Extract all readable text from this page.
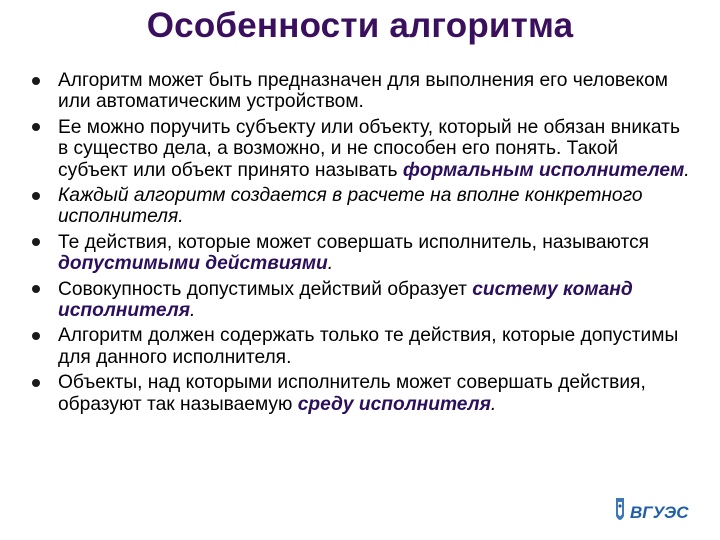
Особенности алгоритма
Алгоритм может быть предназначен для выполнения его человеком или автоматическим устройством.
Ее можно поручить субъекту или объекту, который не обязан вникать в существо дела, а возможно, и не способен его понять. Такой субъект или объект принято называть формальным исполнителем.
Каждый алгоритм создается в расчете на вполне конкретного исполнителя.
Те действия, которые может совершать исполнитель, называются допустимыми действиями.
Совокупность допустимых действий образует систему команд исполнителя.
Алгоритм должен содержать только те действия, которые допустимы для данного исполнителя.
Объекты, над которыми исполнитель может совершать действия, образуют так называемую среду исполнителя.
ВГУЭС
